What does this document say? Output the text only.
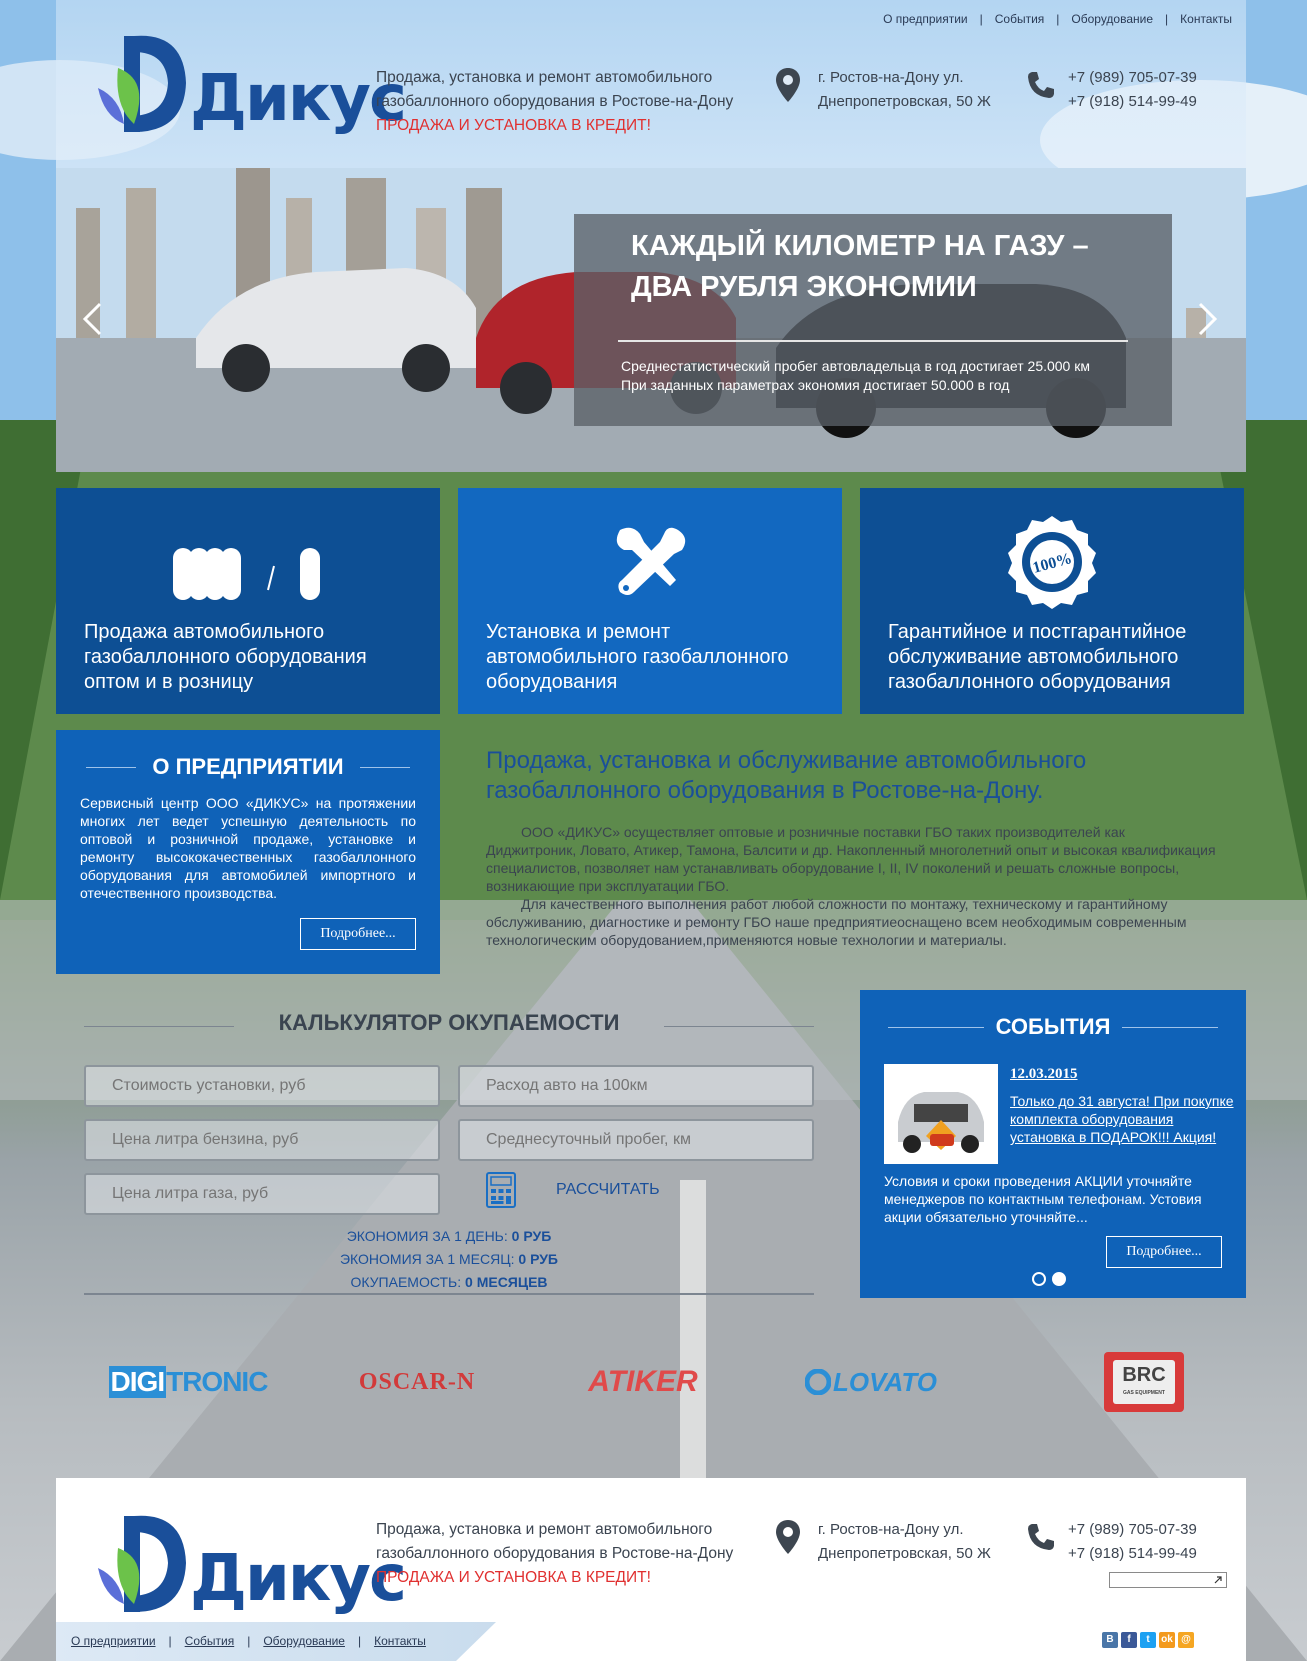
О предприятии | События | Оборудование | Контакты
Дикус
Продажа, установка и ремонт автомобильного
газобаллонного оборудования в Ростове-на-Дону
ПРОДАЖА И УСТАНОВКА В КРЕДИТ!
г. Ростов-на-Дону ул.
Днепропетровская, 50 Ж
+7 (989) 705-07-39
+7 (918) 514-99-49
КАЖДЫЙ КИЛОМЕТР НА ГАЗУ – ДВА РУБЛЯ ЭКОНОМИИ
Среднестатистический пробег автовладельца в год достигает 25.000 км
При заданных параметрах экономия достигает 50.000 в год
Продажа автомобильного газобаллонного оборудования оптом и в розницу
Установка и ремонт автомобильного газобаллонного оборудования
100%
Гарантийное и постгарантийное обслуживание автомобильного газобаллонного оборудования
О ПРЕДПРИЯТИИ

Сервисный центр ООО «ДИКУС» на протяжении многих лет ведет успешную деятельность по оптовой и розничной продаже, установке и ремонту высококачественных газобаллонного оборудования для автомобилей импортного и отечественного производства.

Подробнее...
Продажа, установка и обслуживание автомобильного газобаллонного оборудования в Ростове-на-Дону.

ООО «ДИКУС» осуществляет оптовые и розничные поставки ГБО таких производителей как Диджитроник, Ловато, Атикер, Тамона, Балсити и др. Накопленный многолетний опыт и высокая квалификация специалистов, позволяет нам устанавливать оборудование I, II, IV поколений и решать сложные вопросы, возникающие при эксплуатации ГБО.

Для качественного выполнения работ любой сложности по монтажу, техническому и гарантийному обслуживанию, диагностике и ремонту ГБО наше предприятиеоснащено всем необходимым современным технологическим оборудованием,применяются новые технологии и материалы.

КАЛЬКУЛЯТОР ОКУПАЕМОСТИ
Стоимость установки, руб
Расход авто на 100км
Цена литра бензина, руб
Среднесуточный пробег, км
Цена литра газа, руб
РАССЧИТАТЬ
ЭКОНОМИЯ ЗА 1 ДЕНЬ: 0 РУБ
ЭКОНОМИЯ ЗА 1 МЕСЯЦ: 0 РУБ
ОКУПАЕМОСТЬ: 0 МЕСЯЦЕВ
СОБЫТИЯ
12.03.2015
Только до 31 августа! При покупке комплекта оборудования установка в ПОДАРОК!!! Акция!
Условия и сроки проведения АКЦИИ уточняйте менеджеров по контактным телефонам. Устовия акции обязательно уточняйте...
Подробнее...
DIGI TRONIC	OSCAR-N	ATIKER	LOVATO	BRC
GAS EQUIPMENT
Дикус
Продажа, установка и ремонт автомобильного
газобаллонного оборудования в Ростове-на-Дону
ПРОДАЖА И УСТАНОВКА В КРЕДИТ!
г. Ростов-на-Дону ул.
Днепропетровская, 50 Ж
+7 (989) 705-07-39
+7 (918) 514-99-49
О предприятии | События | Оборудование | Контакты	B	f	t	ok @
